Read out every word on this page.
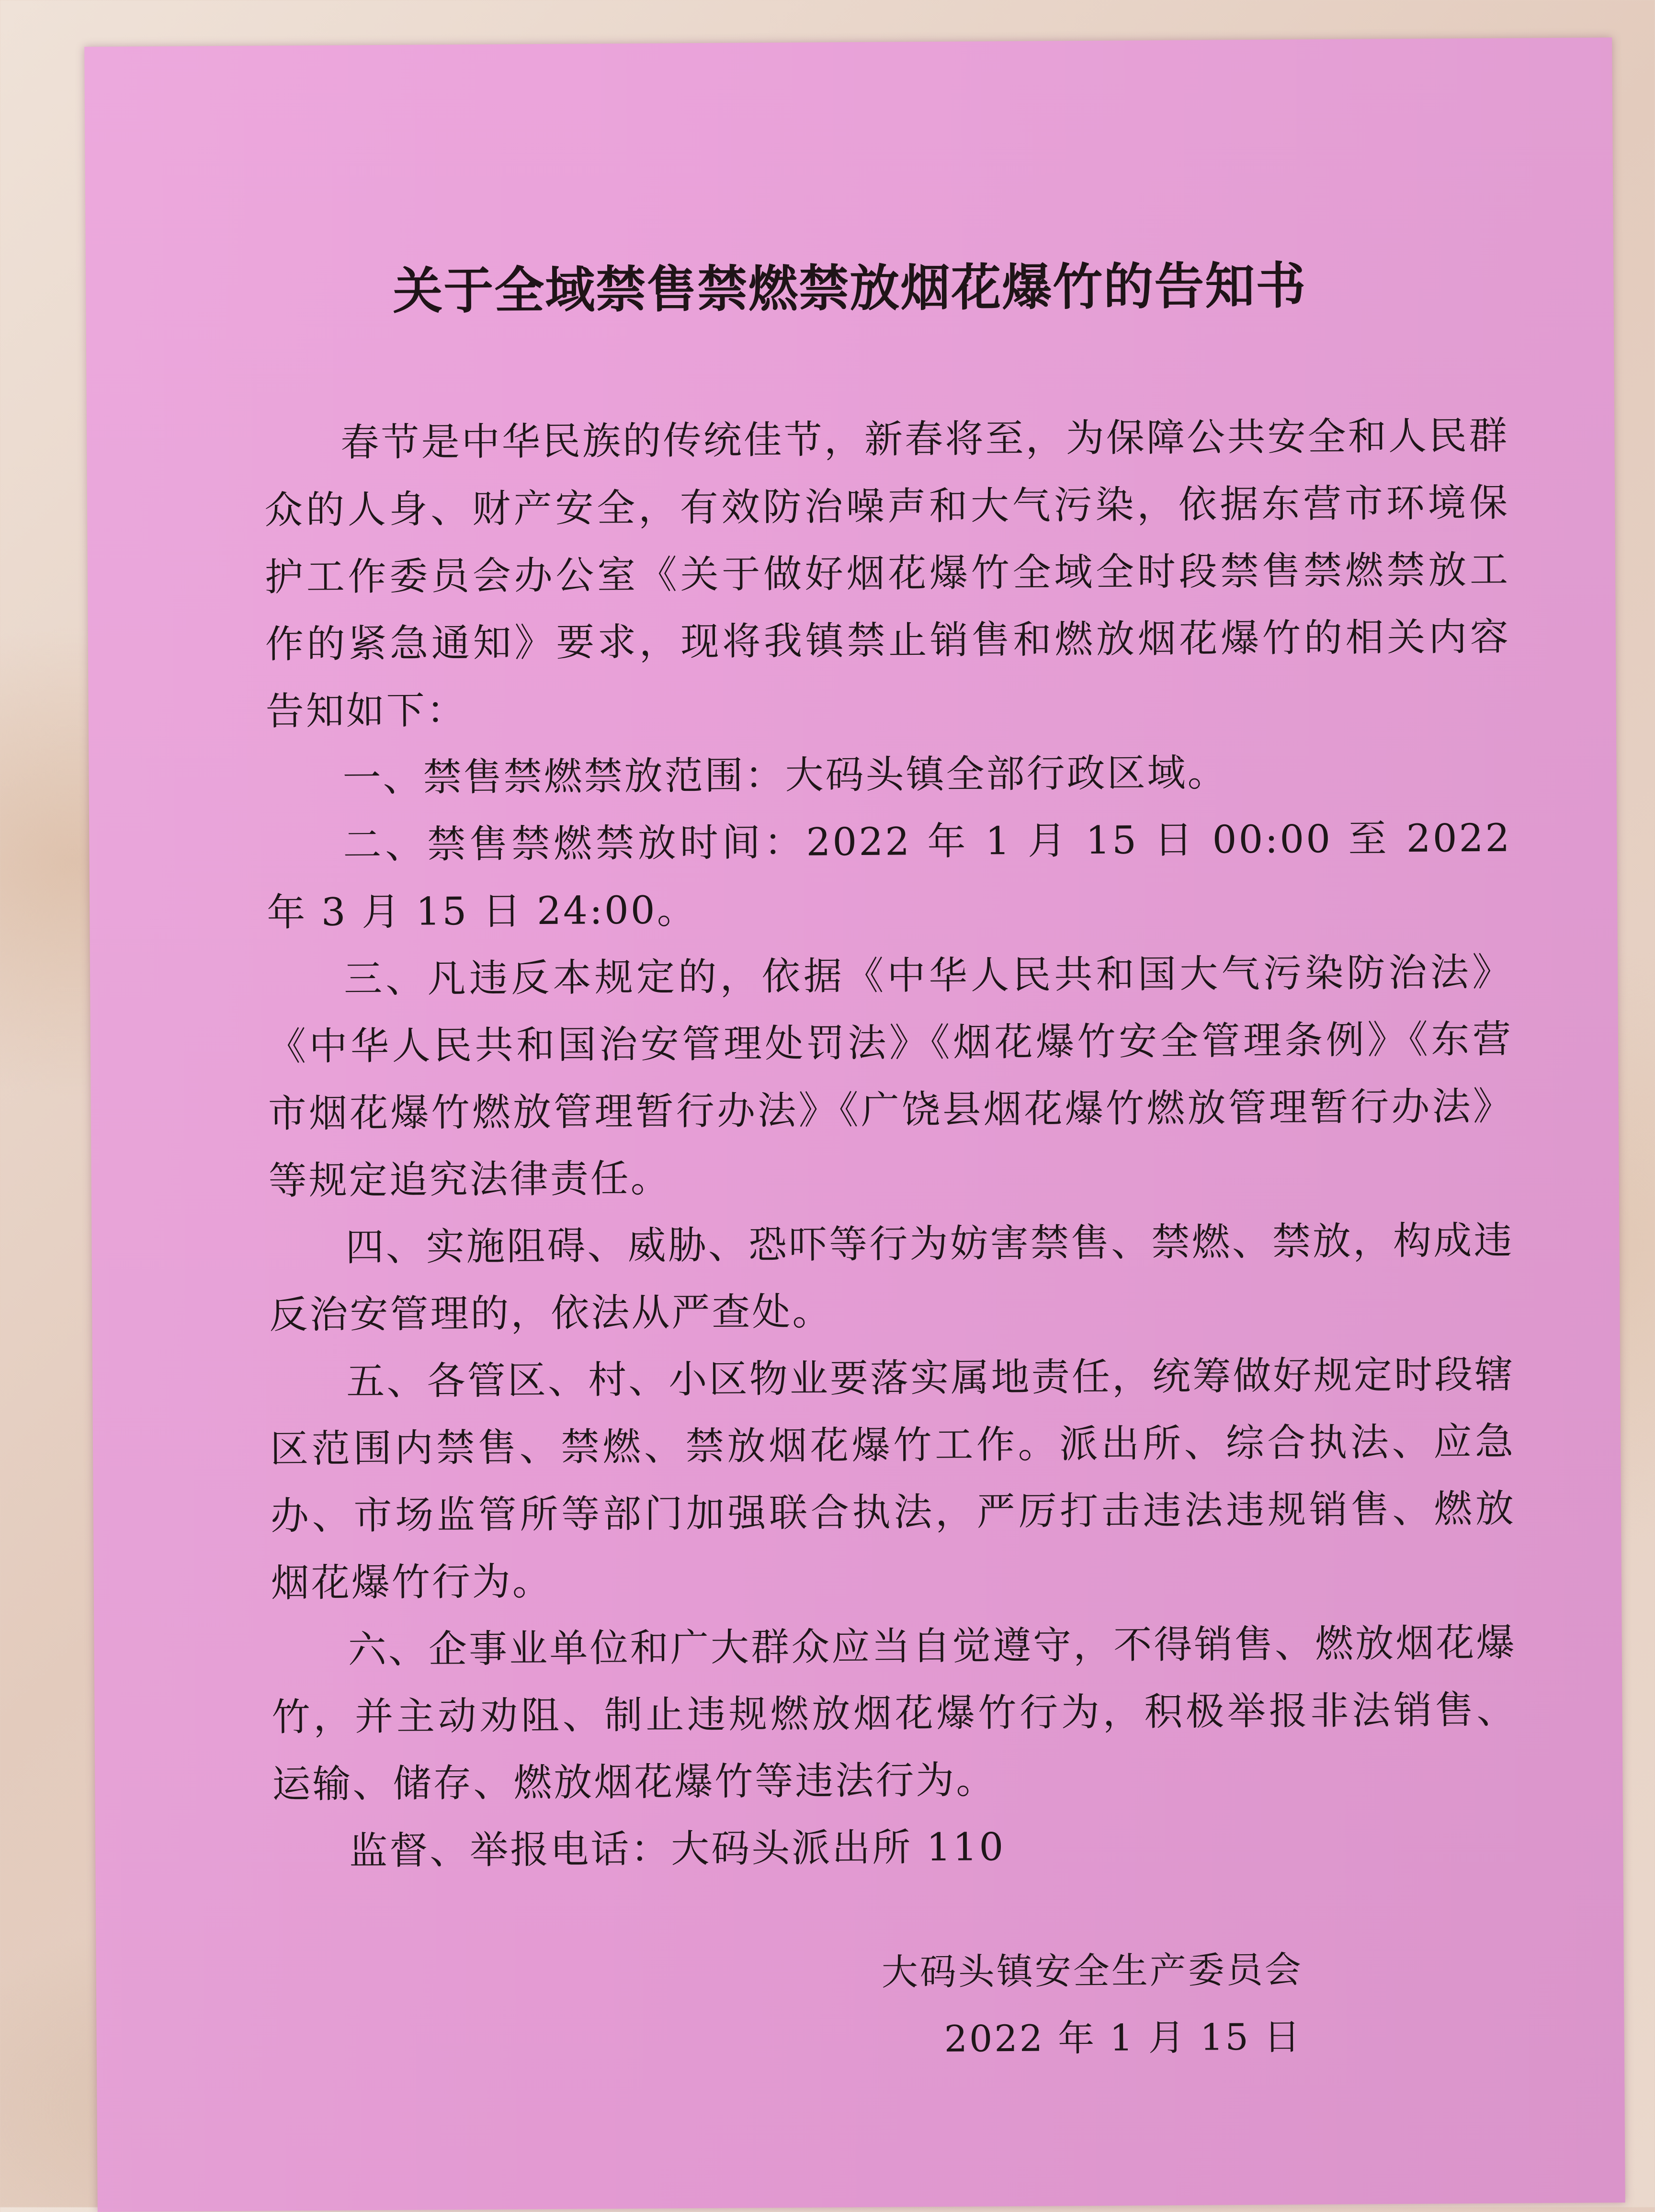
关于全域禁售禁燃禁放烟花爆竹的告知书

春节是中华民族的传统佳节，新春将至，为保障公共安全和人民群众的人身、财产安全，有效防治噪声和大气污染，依据东营市环境保护工作委员会办公室《关于做好烟花爆竹全域全时段禁售禁燃禁放工作的紧急通知》要求，现将我镇禁止销售和燃放烟花爆竹的相关内容告知如下：

一、禁售禁燃禁放范围：大码头镇全部行政区域。

二、禁售禁燃禁放时间：2022 年 1 月 15 日 00:00 至 2022 年 3 月 15 日 24:00。

三、凡违反本规定的，依据《中华人民共和国大气污染防治法》《中华人民共和国治安管理处罚法》《烟花爆竹安全管理条例》《东营市烟花爆竹燃放管理暂行办法》《广饶县烟花爆竹燃放管理暂行办法》等规定追究法律责任。

四、实施阻碍、威胁、恐吓等行为妨害禁售、禁燃、禁放，构成违反治安管理的，依法从严查处。

五、各管区、村、小区物业要落实属地责任，统筹做好规定时段辖区范围内禁售、禁燃、禁放烟花爆竹工作。派出所、综合执法、应急办、市场监管所等部门加强联合执法，严厉打击违法违规销售、燃放烟花爆竹行为。

六、企事业单位和广大群众应当自觉遵守，不得销售、燃放烟花爆竹，并主动劝阻、制止违规燃放烟花爆竹行为，积极举报非法销售、运输、储存、燃放烟花爆竹等违法行为。

监督、举报电话：大码头派出所 110

大码头镇安全生产委员会
2022 年 1 月 15 日
